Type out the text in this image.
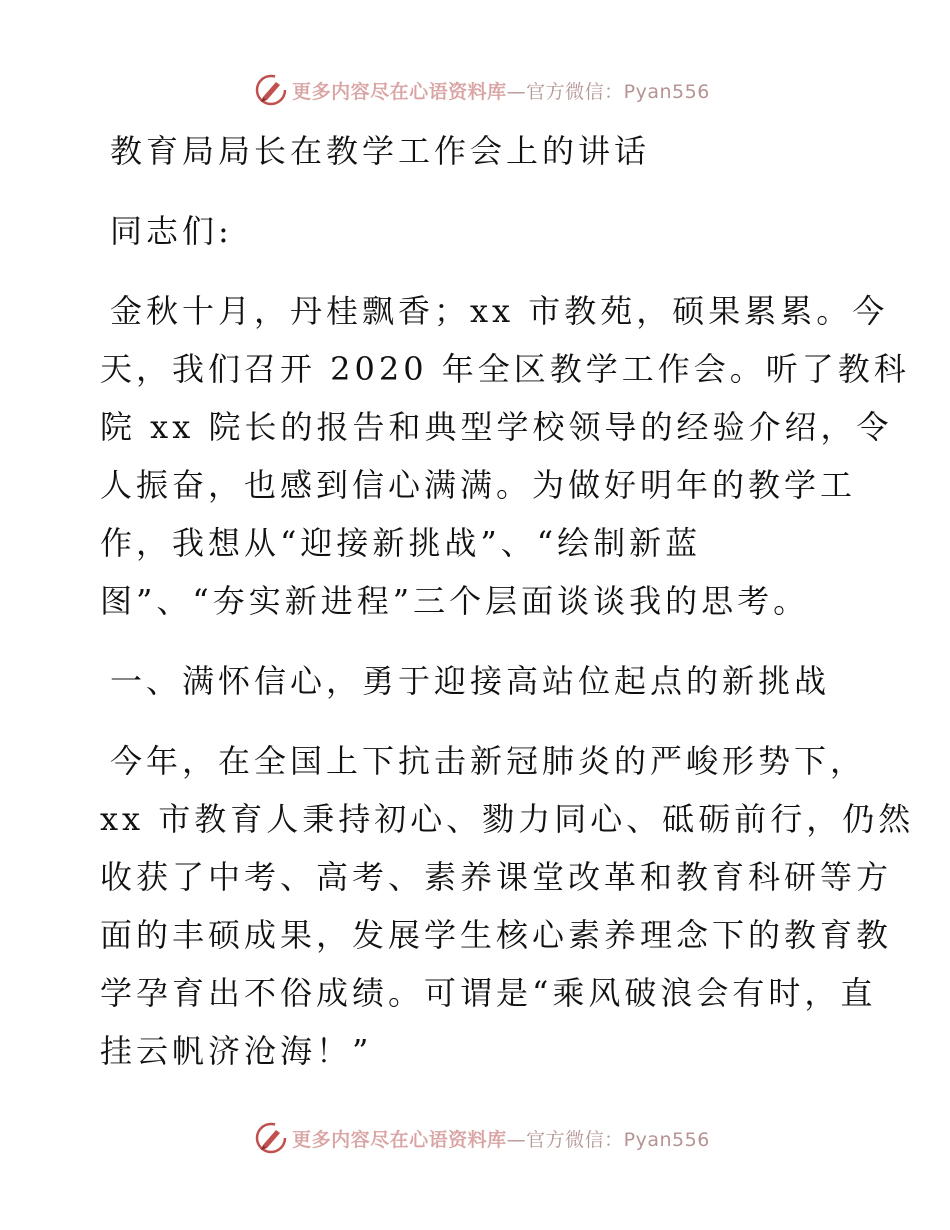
更多内容尽在心语资料库—官方微信：Pyan556
教育局局长在教学工作会上的讲话
同志们:
金秋十月，丹桂飘香；xx 市教苑，硕果累累。今
天，我们召开 2020 年全区教学工作会。听了教科
院 xx 院长的报告和典型学校领导的经验介绍，令
人振奋，也感到信心满满。为做好明年的教学工
作，我想从“迎接新挑战”、“绘制新蓝
图”、“夯实新进程”三个层面谈谈我的思考。
一、满怀信心，勇于迎接高站位起点的新挑战
今年，在全国上下抗击新冠肺炎的严峻形势下，
xx 市教育人秉持初心、勠力同心、砥砺前行，仍然
收获了中考、高考、素养课堂改革和教育科研等方
面的丰硕成果，发展学生核心素养理念下的教育教
学孕育出不俗成绩。可谓是“乘风破浪会有时，直
挂云帆济沧海！”
更多内容尽在心语资料库—官方微信：Pyan556
